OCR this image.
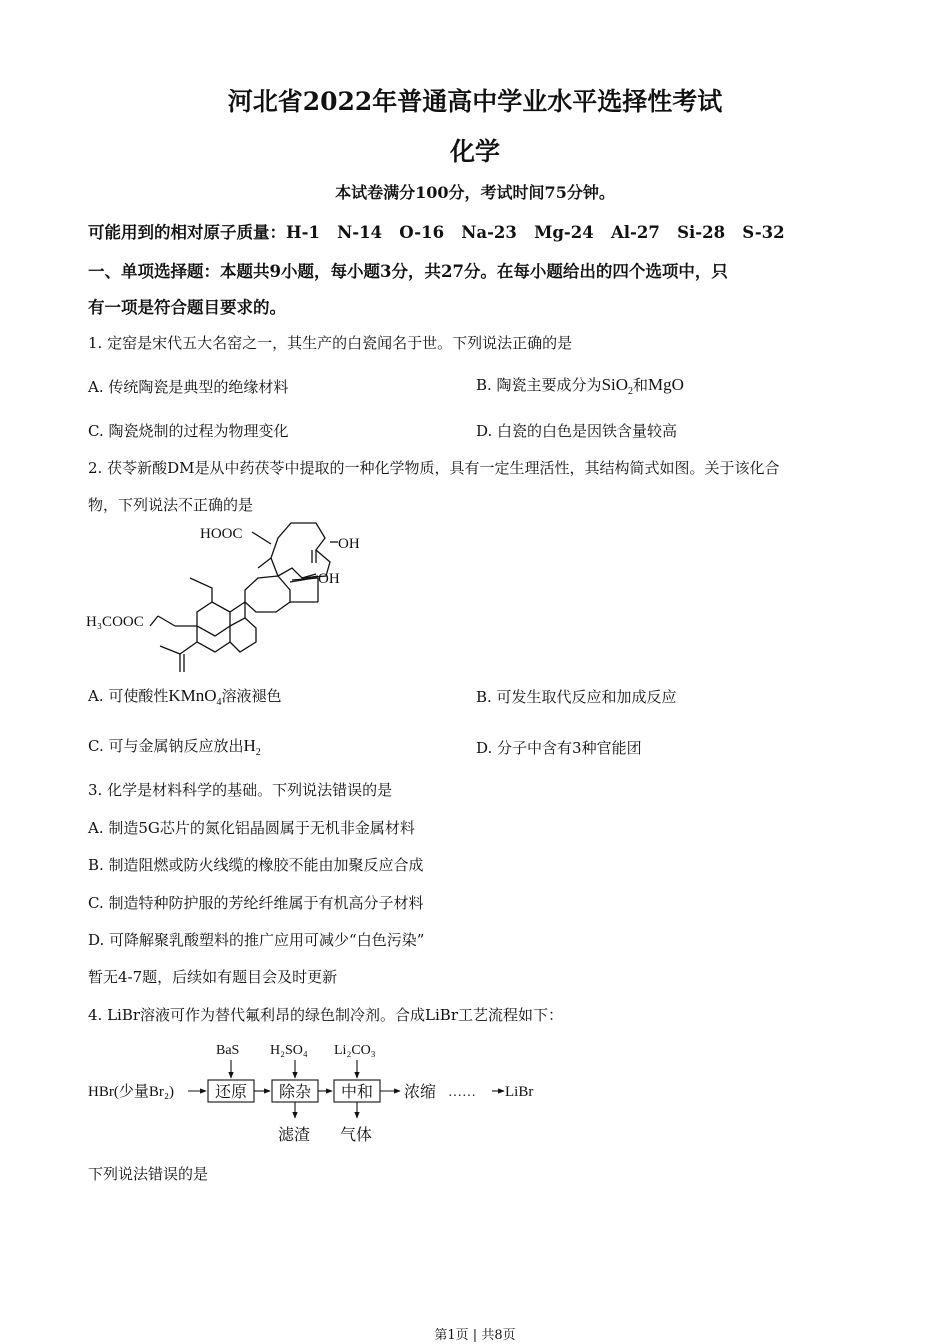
河北省2022年普通高中学业水平选择性考试
化学
本试卷满分100分，考试时间75分钟。
可能用到的相对原子质量：H-1   N-14   O-16   Na-23   Mg-24   Al-27   Si-28   S-32
一、单项选择题：本题共9小题，每小题3分，共27分。在每小题给出的四个选项中，只
有一项是符合题目要求的。
1. 定窑是宋代五大名窑之一，其生产的白瓷闻名于世。下列说法正确的是
A. 传统陶瓷是典型的绝缘材料	B. 陶瓷主要成分为SiO$_2$和MgO
C. 陶瓷烧制的过程为物理变化	D. 白瓷的白色是因铁含量较高
2. 茯苓新酸DM是从中药茯苓中提取的一种化学物质，具有一定生理活性，其结构简式如图。关于该化合
物，下列说法不正确的是
HOOC
OH
OH
H₃COOC
A. 可使酸性KMnO$_4$溶液褪色	B. 可发生取代反应和加成反应
C. 可与金属钠反应放出$H_2$	D. 分子中含有3种官能团
3. 化学是材料科学的基础。下列说法错误的是
A. 制造5G芯片的氮化铝晶圆属于无机非金属材料
B. 制造阻燃或防火线缆的橡胶不能由加聚反应合成
C. 制造特种防护服的芳纶纤维属于有机高分子材料
D. 可降解聚乳酸塑料的推广应用可减少“白色污染”
暂无4-7题，后续如有题目会及时更新
4. LiBr溶液可作为替代氟利昂的绿色制冷剂。合成LiBr工艺流程如下：
HBr(少量Br₂)
BaS H₂SO₄ Li₂CO₃
还原 除杂 中和 浓缩 …… LiBr
滤渣 气体
下列说法错误的是
第1页 | 共8页
